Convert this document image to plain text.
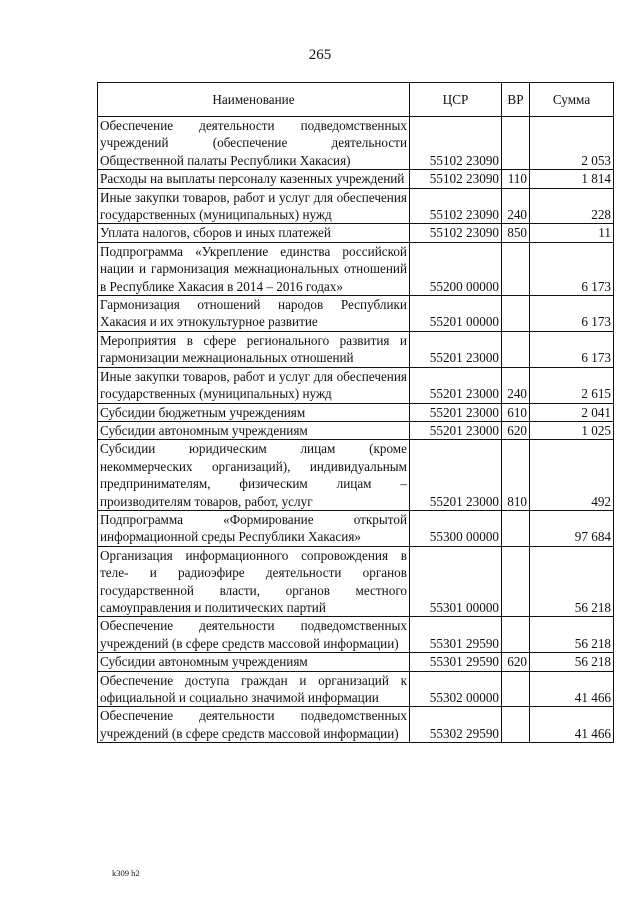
265
Наименование	ЦСР	ВР	Сумма
Обеспечение деятельности подведомственных учреждений (обеспечение деятельности Общественной палаты Республики Хакасия)	55102 23090		2 053
Расходы на выплаты персоналу казенных учреждений	55102 23090	110	1 814
Иные закупки товаров, работ и услуг для обеспечения государственных (муниципальных) нужд	55102 23090	240	228
Уплата налогов, сборов и иных платежей	55102 23090	850	11
Подпрограмма «Укрепление единства российской нации и гармонизация межнациональных отношений в Республике Хакасия в 2014 – 2016 годах»	55200 00000		6 173
Гармонизация отношений народов Республики Хакасия и их этнокультурное развитие	55201 00000		6 173
Мероприятия в сфере регионального развития и гармонизации межнациональных отношений	55201 23000		6 173
Иные закупки товаров, работ и услуг для обеспечения государственных (муниципальных) нужд	55201 23000	240	2 615
Субсидии бюджетным учреждениям	55201 23000	610	2 041
Субсидии автономным учреждениям	55201 23000	620	1 025
Субсидии юридическим лицам (кроме некоммерческих организаций), индивидуальным предпринимателям, физическим лицам – производителям товаров, работ, услуг	55201 23000	810	492
Подпрограмма «Формирование открытой информационной среды Республики Хакасия»	55300 00000		97 684
Организация информационного сопровождения в теле- и радиоэфире деятельности органов государственной власти, органов местного самоуправления и политических партий	55301 00000		56 218
Обеспечение деятельности подведомственных учреждений (в сфере средств массовой информации)	55301 29590		56 218
Субсидии автономным учреждениям	55301 29590	620	56 218
Обеспечение доступа граждан и организаций к официальной и социально значимой информации	55302 00000		41 466
Обеспечение деятельности подведомственных учреждений (в сфере средств массовой информации)	55302 29590		41 466
k309 h2
